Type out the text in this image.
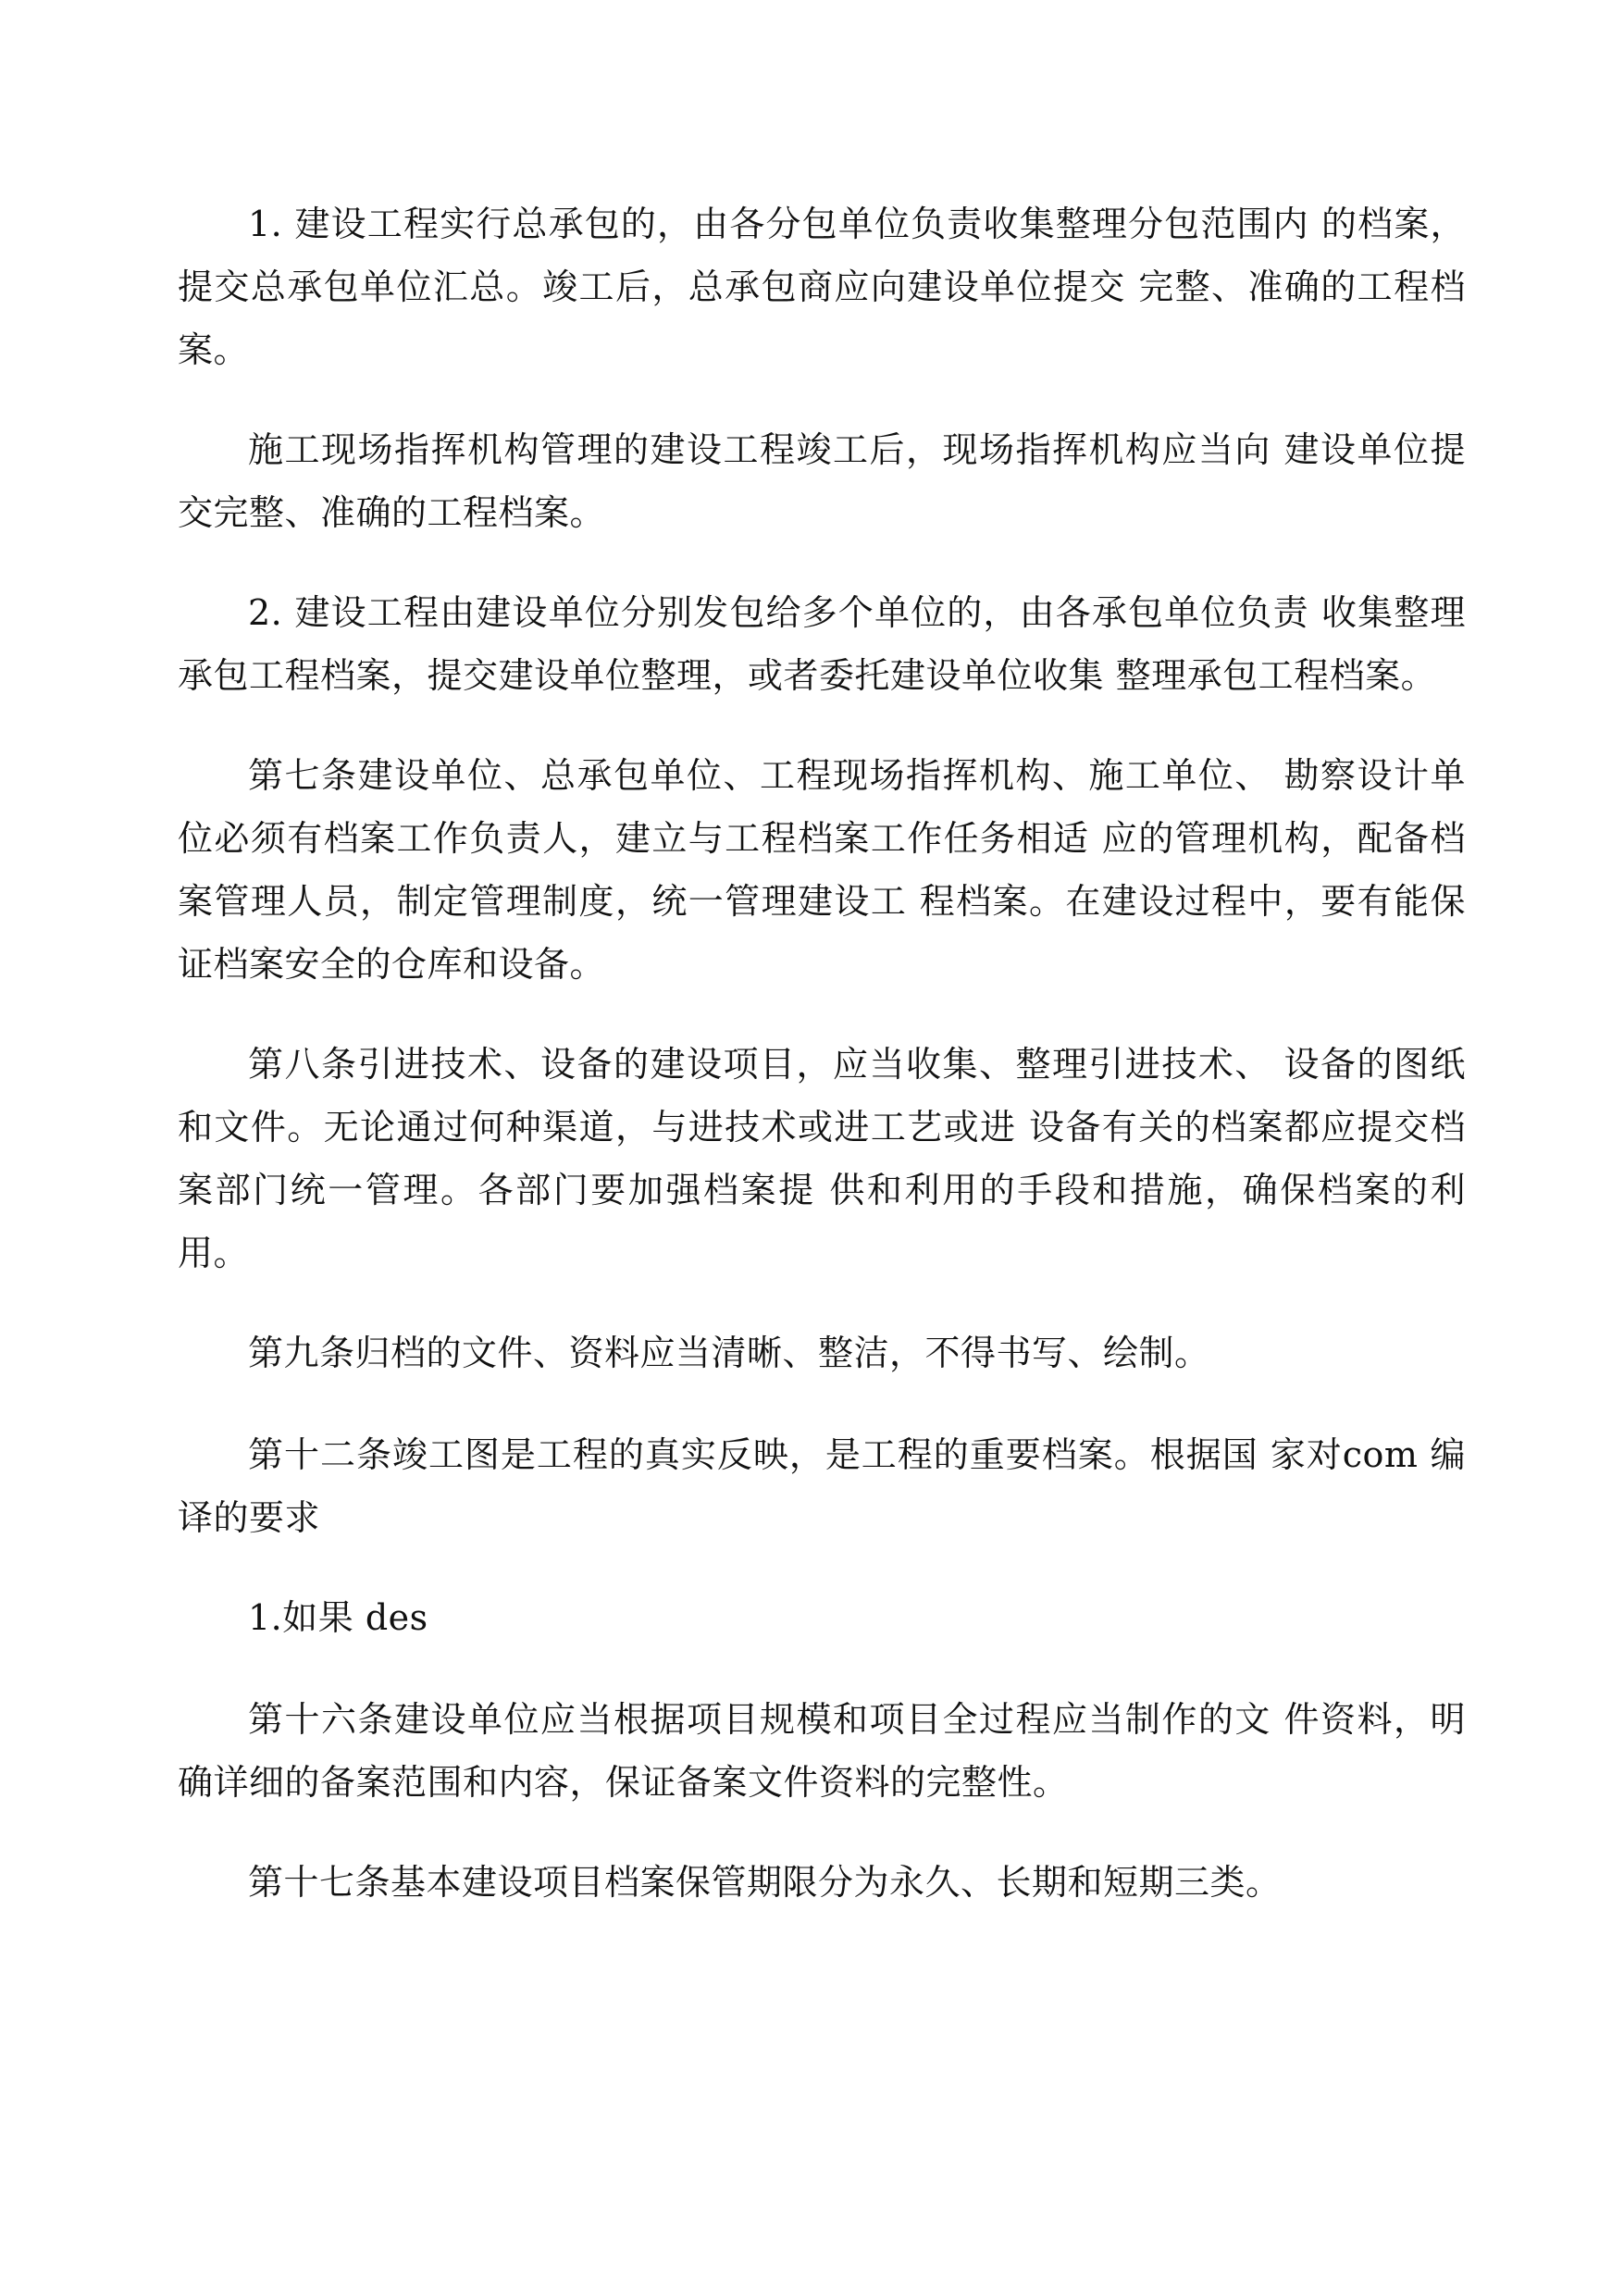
1. 建设工程实行总承包的，由各分包单位负责收集整理分包范围内 的档案，提交总承包单位汇总。竣工后，总承包商应向建设单位提交 完整、准确的工程档案。

施工现场指挥机构管理的建设工程竣工后，现场指挥机构应当向 建设单位提交完整、准确的工程档案。

2. 建设工程由建设单位分别发包给多个单位的，由各承包单位负责 收集整理承包工程档案，提交建设单位整理，或者委托建设单位收集 整理承包工程档案。

第七条建设单位、总承包单位、工程现场指挥机构、施工单位、 勘察设计单位必须有档案工作负责人，建立与工程档案工作任务相适 应的管理机构，配备档案管理人员，制定管理制度，统一管理建设工 程档案。在建设过程中，要有能保证档案安全的仓库和设备。

第八条引进技术、设备的建设项目，应当收集、整理引进技术、 设备的图纸和文件。无论通过何种渠道，与进技术或进工艺或进 设备有关的档案都应提交档案部门统一管理。各部门要加强档案提 供和利用的手段和措施，确保档案的利用。

第九条归档的文件、资料应当清晰、整洁，不得书写、绘制。

第十二条竣工图是工程的真实反映，是工程的重要档案。根据国 家对com 编译的要求

1.如果 des

第十六条建设单位应当根据项目规模和项目全过程应当制作的文 件资料，明确详细的备案范围和内容，保证备案文件资料的完整性。

第十七条基本建设项目档案保管期限分为永久、长期和短期三类。
